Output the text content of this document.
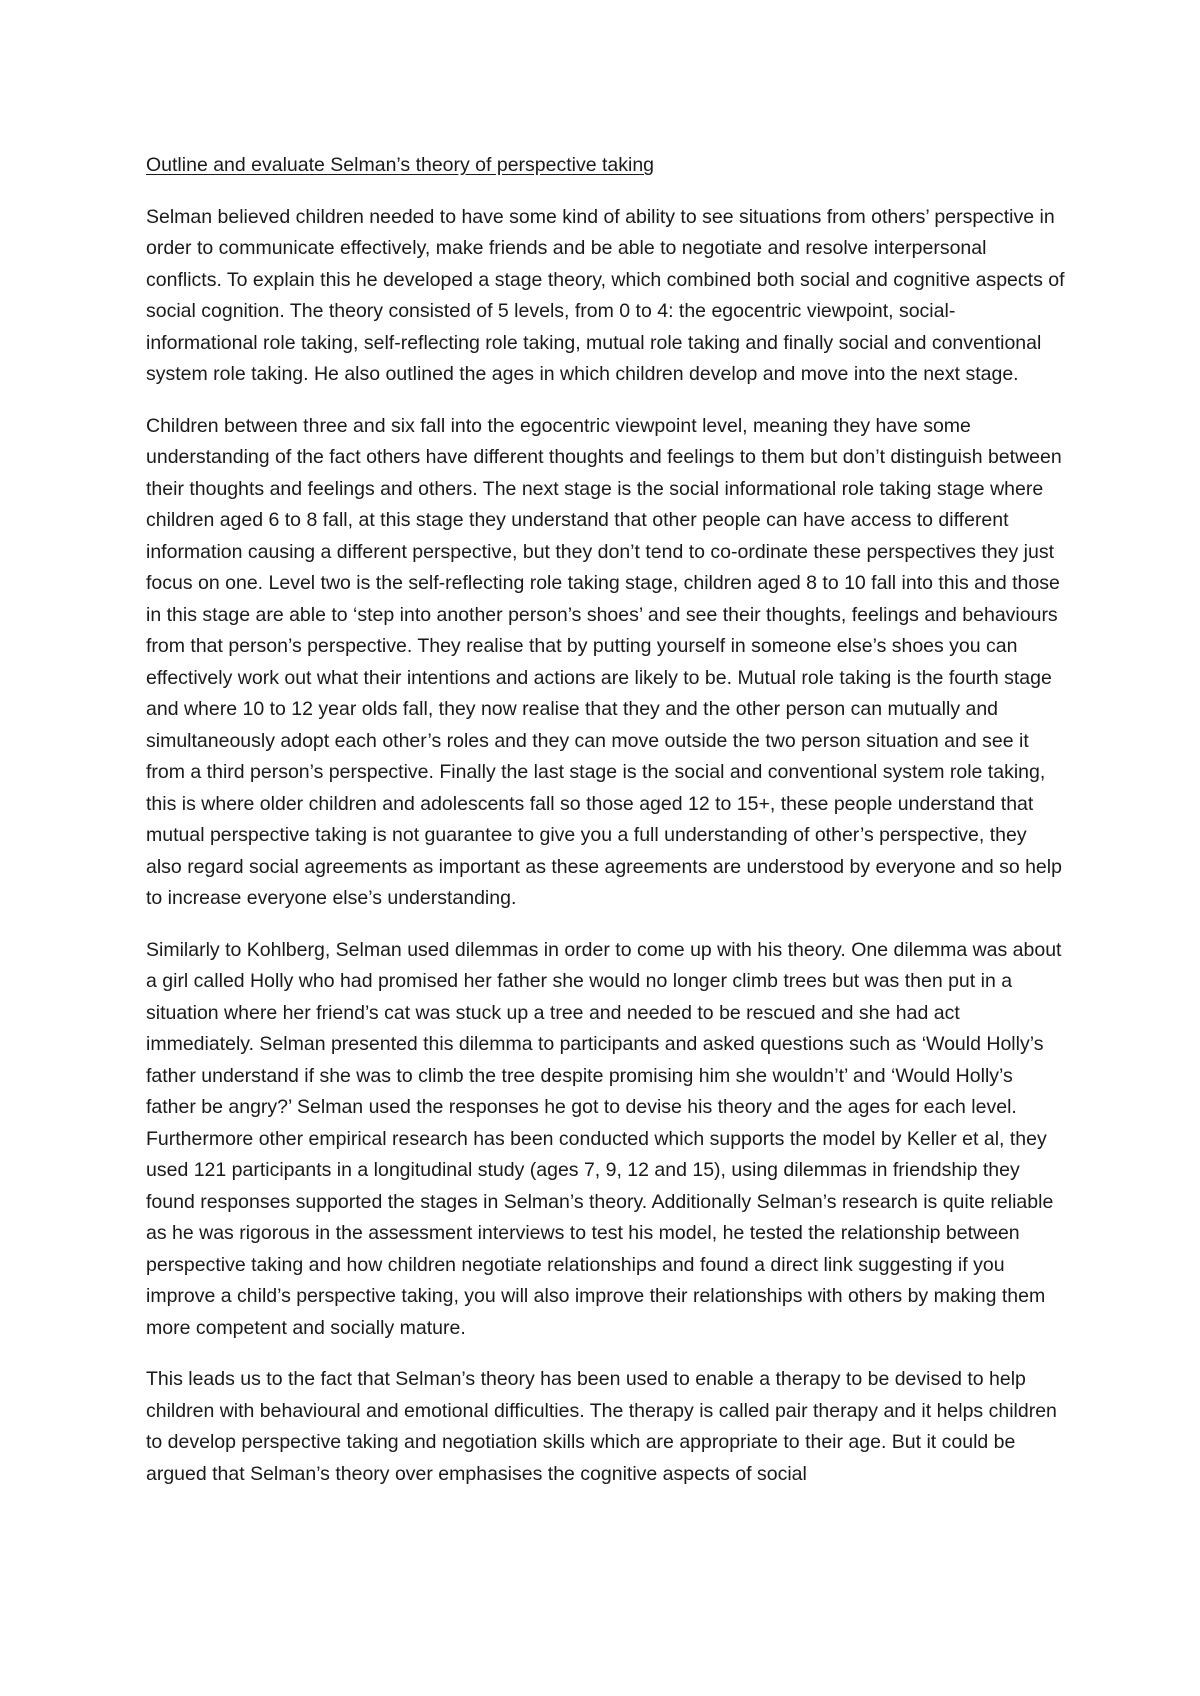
Outline and evaluate Selman’s theory of perspective taking

Selman believed children needed to have some kind of ability to see situations from others’ perspective in order to communicate effectively, make friends and be able to negotiate and resolve interpersonal conflicts. To explain this he developed a stage theory, which combined both social and cognitive aspects of social cognition. The theory consisted of 5 levels, from 0 to 4: the egocentric viewpoint, social-informational role taking, self-reflecting role taking, mutual role taking and finally social and conventional system role taking. He also outlined the ages in which children develop and move into the next stage.

Children between three and six fall into the egocentric viewpoint level, meaning they have some understanding of the fact others have different thoughts and feelings to them but don’t distinguish between their thoughts and feelings and others. The next stage is the social informational role taking stage where children aged 6 to 8 fall, at this stage they understand that other people can have access to different information causing a different perspective, but they don’t tend to co-ordinate these perspectives they just focus on one. Level two is the self-reflecting role taking stage, children aged 8 to 10 fall into this and those in this stage are able to ‘step into another person’s shoes’ and see their thoughts, feelings and behaviours from that person’s perspective. They realise that by putting yourself in someone else’s shoes you can effectively work out what their intentions and actions are likely to be. Mutual role taking is the fourth stage and where 10 to 12 year olds fall, they now realise that they and the other person can mutually and simultaneously adopt each other’s roles and they can move outside the two person situation and see it from a third person’s perspective. Finally the last stage is the social and conventional system role taking, this is where older children and adolescents fall so those aged 12 to 15+, these people understand that mutual perspective taking is not guarantee to give you a full understanding of other’s perspective, they also regard social agreements as important as these agreements are understood by everyone and so help to increase everyone else’s understanding.

Similarly to Kohlberg, Selman used dilemmas in order to come up with his theory. One dilemma was about a girl called Holly who had promised her father she would no longer climb trees but was then put in a situation where her friend’s cat was stuck up a tree and needed to be rescued and she had act immediately. Selman presented this dilemma to participants and asked questions such as ‘Would Holly’s father understand if she was to climb the tree despite promising him she wouldn’t’ and ‘Would Holly’s father be angry?’ Selman used the responses he got to devise his theory and the ages for each level. Furthermore other empirical research has been conducted which supports the model by Keller et al, they used 121 participants in a longitudinal study (ages 7, 9, 12 and 15), using dilemmas in friendship they found responses supported the stages in Selman’s theory. Additionally Selman’s research is quite reliable as he was rigorous in the assessment interviews to test his model, he tested the relationship between perspective taking and how children negotiate relationships and found a direct link suggesting if you improve a child’s perspective taking, you will also improve their relationships with others by making them more competent and socially mature.

This leads us to the fact that Selman’s theory has been used to enable a therapy to be devised to help children with behavioural and emotional difficulties. The therapy is called pair therapy and it helps children to develop perspective taking and negotiation skills which are appropriate to their age. But it could be argued that Selman’s theory over emphasises the cognitive aspects of social
